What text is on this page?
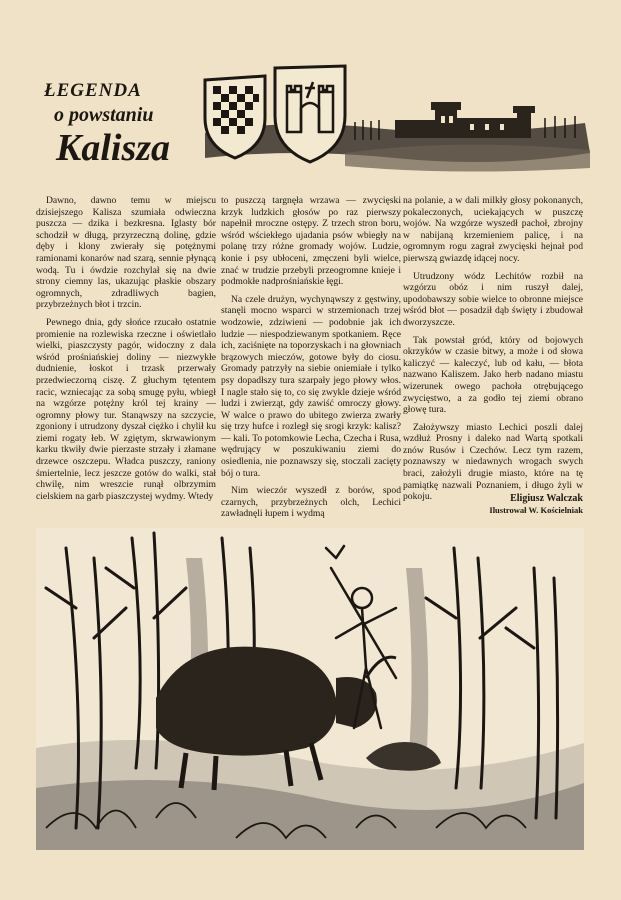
ŁEGENDA
o powstaniu
Kalisza

Dawno, dawno temu w miejscu dzisiejszego Kalisza szumiała odwieczna puszcza — dzika i bezkresna. Iglasty bór schodził w długą, przyrzeczną dolinę, gdzie dęby i klony zwierały się potężnymi ramionami konarów nad szarą, sennie płynącą wodą. Tu i ówdzie rozchylał się na dwie strony ciemny las, ukazując płaskie obszary ogromnych, zdradliwych bagien, przybrzeżnych błot i trzcin.

Pewnego dnia, gdy słońce rzucało ostatnie promienie na rozlewiska rzeczne i oświetlało wielki, piaszczysty pagór, widoczny z dala wśród prośniańskiej doliny — niezwykłe dudnienie, łoskot i trzask przerwały przedwieczorną ciszę. Z głuchym tętentem racic, wzniecając za sobą smugę pyłu, wbiegł na wzgórze potężny król tej krainy — ogromny płowy tur. Stanąwszy na szczycie, zgoniony i utrudzony dyszał ciężko i chylił ku ziemi rogaty łeb. W zgiętym, skrwawionym karku tkwiły dwie pierzaste strzały i złamane drzewce oszczepu. Władca puszczy, raniony śmiertelnie, lecz jeszcze gotów do walki, stał chwilę, nim wreszcie runął olbrzymim cielskiem na garb piaszczystej wydmy. Wtedy

to puszczą targnęła wrzawa — zwycięski krzyk ludzkich głosów po raz pierwszy napełnił mroczne ostępy. Z trzech stron boru, wśród wściekłego ujadania psów wbiegły na polanę trzy różne gromady wojów. Ludzie, konie i psy ubłoceni, zmęczeni byli wielce, znać w trudzie przebyli przeogromne knieje i podmokłe nadprośniańskie łęgi.

Na czele drużyn, wychynąwszy z gęstwiny, stanęli mocno wsparci w strzemionach trzej wodzowie, zdziwieni — podobnie jak ich ludzie — niespodziewanym spotkaniem. Ręce ich, zaciśnięte na toporzyskach i na głowniach brązowych mieczów, gotowe były do ciosu. Gromady patrzyły na siebie oniemiałe i tylko psy dopadłszy tura szarpały jego płowy włos. I nagle stało się to, co się zwykle dzieje wśród ludzi i zwierząt, gdy zawiść omroczy głowy. W walce o prawo do ubitego zwierza zwarły się trzy hufce i rozległ się srogi krzyk: kalisz? — kali. To potomkowie Lecha, Czecha i Rusa, wędrujący w poszukiwaniu ziemi do osiedlenia, nie poznawszy się, stoczali zacięty bój o tura.

Nim wieczór wyszedł z borów, spod czarnych, przybrzeżnych olch, Lechici zawładnęli łupem i wydmą

na polanie, a w dali milkły głosy pokonanych, pokaleczonych, uciekających w puszczę wojów. Na wzgórze wyszedł pachoł, zbrojny w nabijaną krzemieniem palicę, i na ogromnym rogu zagrał zwycięski hejnał pod pierwszą gwiazdę idącej nocy.

Utrudzony wódz Lechitów rozbił na wzgórzu obóz i nim ruszył dalej, upodobawszy sobie wielce to obronne miejsce wśród błot — posadził dąb święty i zbudował dworzyszcze.

Tak powstał gród, który od bojowych okrzyków w czasie bitwy, a może i od słowa kaliczyć — kaleczyć, lub od kału, — błota nazwano Kaliszem. Jako herb nadano miastu wizerunek owego pachoła otrębującego zwycięstwo, a za godło tej ziemi obrano głowę tura.

Założywszy miasto Lechici poszli dalej wzdłuż Prosny i daleko nad Wartą spotkali znów Rusów i Czechów. Lecz tym razem, poznawszy w niedawnych wrogach swych braci, założyli drugie miasto, które na tę pamiątkę nazwali Poznaniem, i długo żyli w pokoju.	Eligiusz Walczak
Ilustrował W. Kościelniak
